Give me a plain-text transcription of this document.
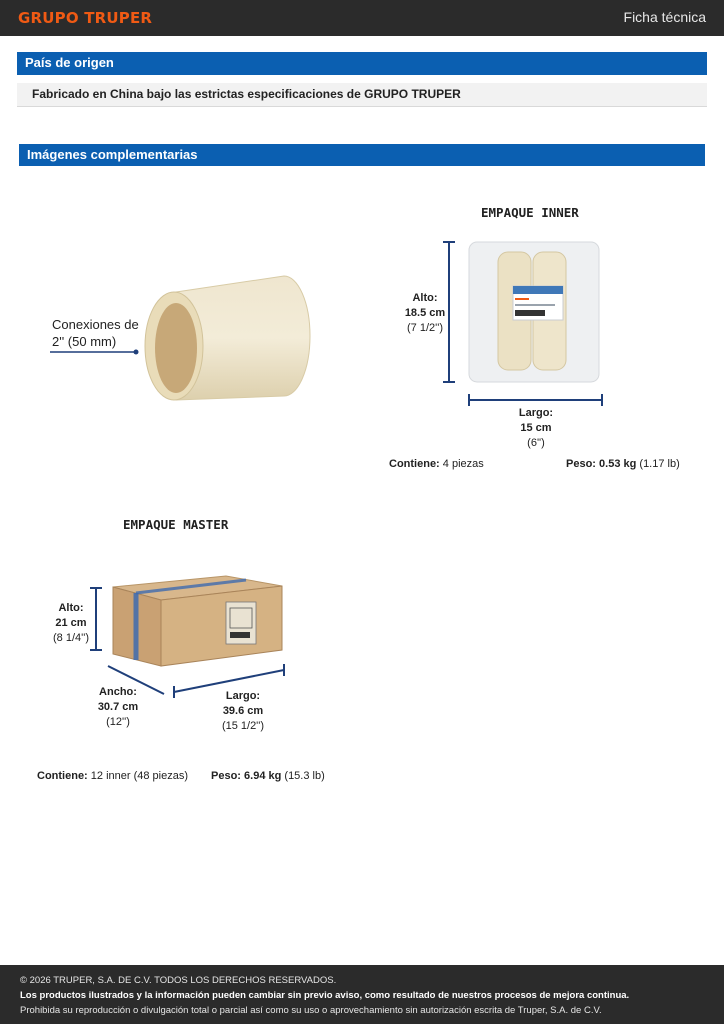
GRUPO TRUPER	Ficha técnica
País de origen
Fabricado en China bajo las estrictas especificaciones de GRUPO TRUPER
Imágenes complementarias
Conexiones de
2'' (50 mm)
EMPAQUE INNER
Alto:
18.5 cm
(7 1/2'')
Largo:
15 cm
(6'')
Contiene: 4 piezas	Peso: 0.53 kg (1.17 lb)
EMPAQUE MASTER
Alto:
21 cm
(8 1/4'')
Ancho:
30.7 cm
(12'')
Largo:
39.6 cm
(15 1/2'')
Contiene: 12 inner (48 piezas) Peso: 6.94 kg (15.3 lb)
© 2026 TRUPER, S.A. DE C.V. TODOS LOS DERECHOS RESERVADOS.
Los productos ilustrados y la información pueden cambiar sin previo aviso, como resultado de nuestros procesos de mejora continua.
Prohibida su reproducción o divulgación total o parcial así como su uso o aprovechamiento sin autorización escrita de Truper, S.A. de C.V.
